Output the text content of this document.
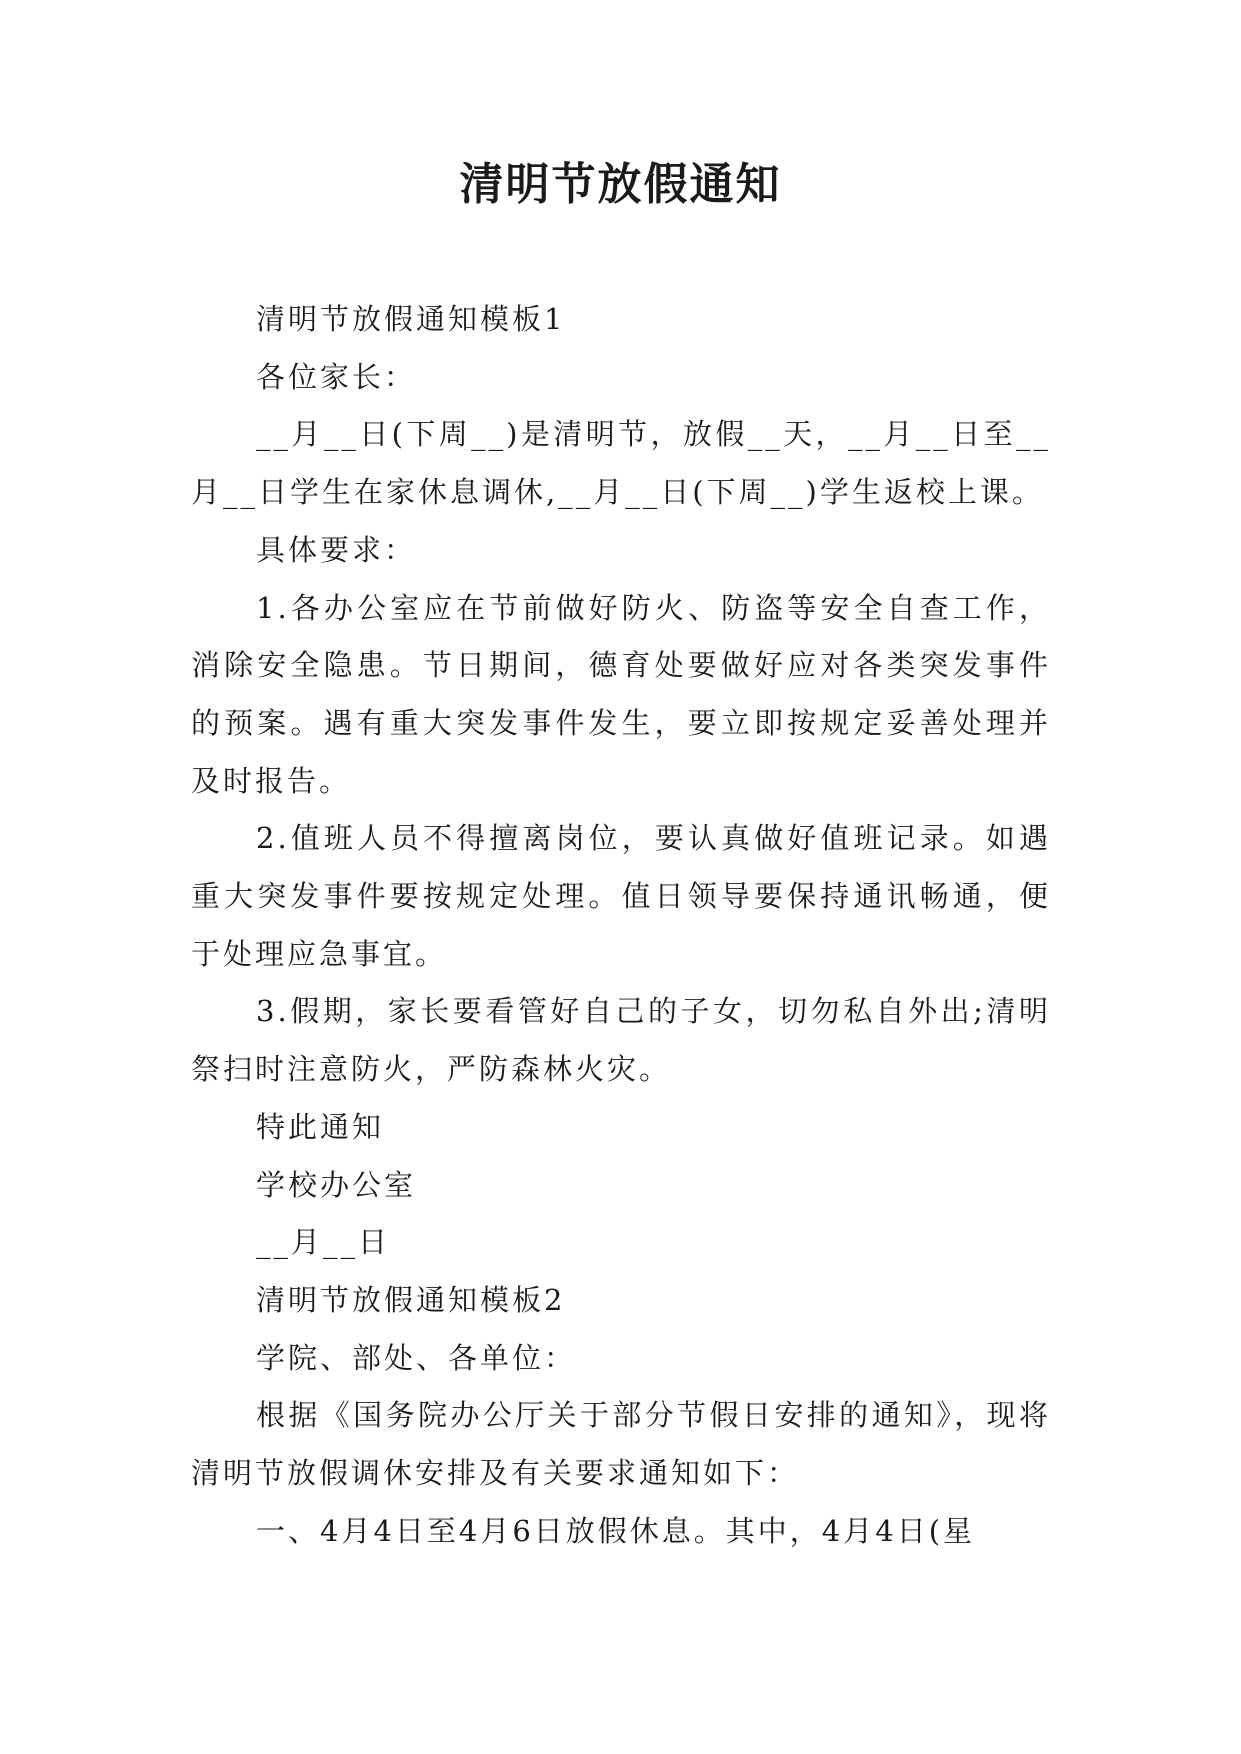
清明节放假通知

清明节放假通知模板1

各位家长：

__月__日(下周__)是清明节，放假__天，__月__日至__月__日学生在家休息调休,__月__日(下周__)学生返校上课。

具体要求：

1.各办公室应在节前做好防火、防盗等安全自查工作，消除安全隐患。节日期间，德育处要做好应对各类突发事件的预案。遇有重大突发事件发生，要立即按规定妥善处理并及时报告。

2.值班人员不得擅离岗位，要认真做好值班记录。如遇重大突发事件要按规定处理。值日领导要保持通讯畅通，便于处理应急事宜。

3.假期，家长要看管好自己的子女，切勿私自外出;清明祭扫时注意防火，严防森林火灾。

特此通知

学校办公室

__月__日

清明节放假通知模板2

学院、部处、各单位：

根据《国务院办公厅关于部分节假日安排的通知》，现将清明节放假调休安排及有关要求通知如下：

一、4月4日至4月6日放假休息。其中，4月4日(星
